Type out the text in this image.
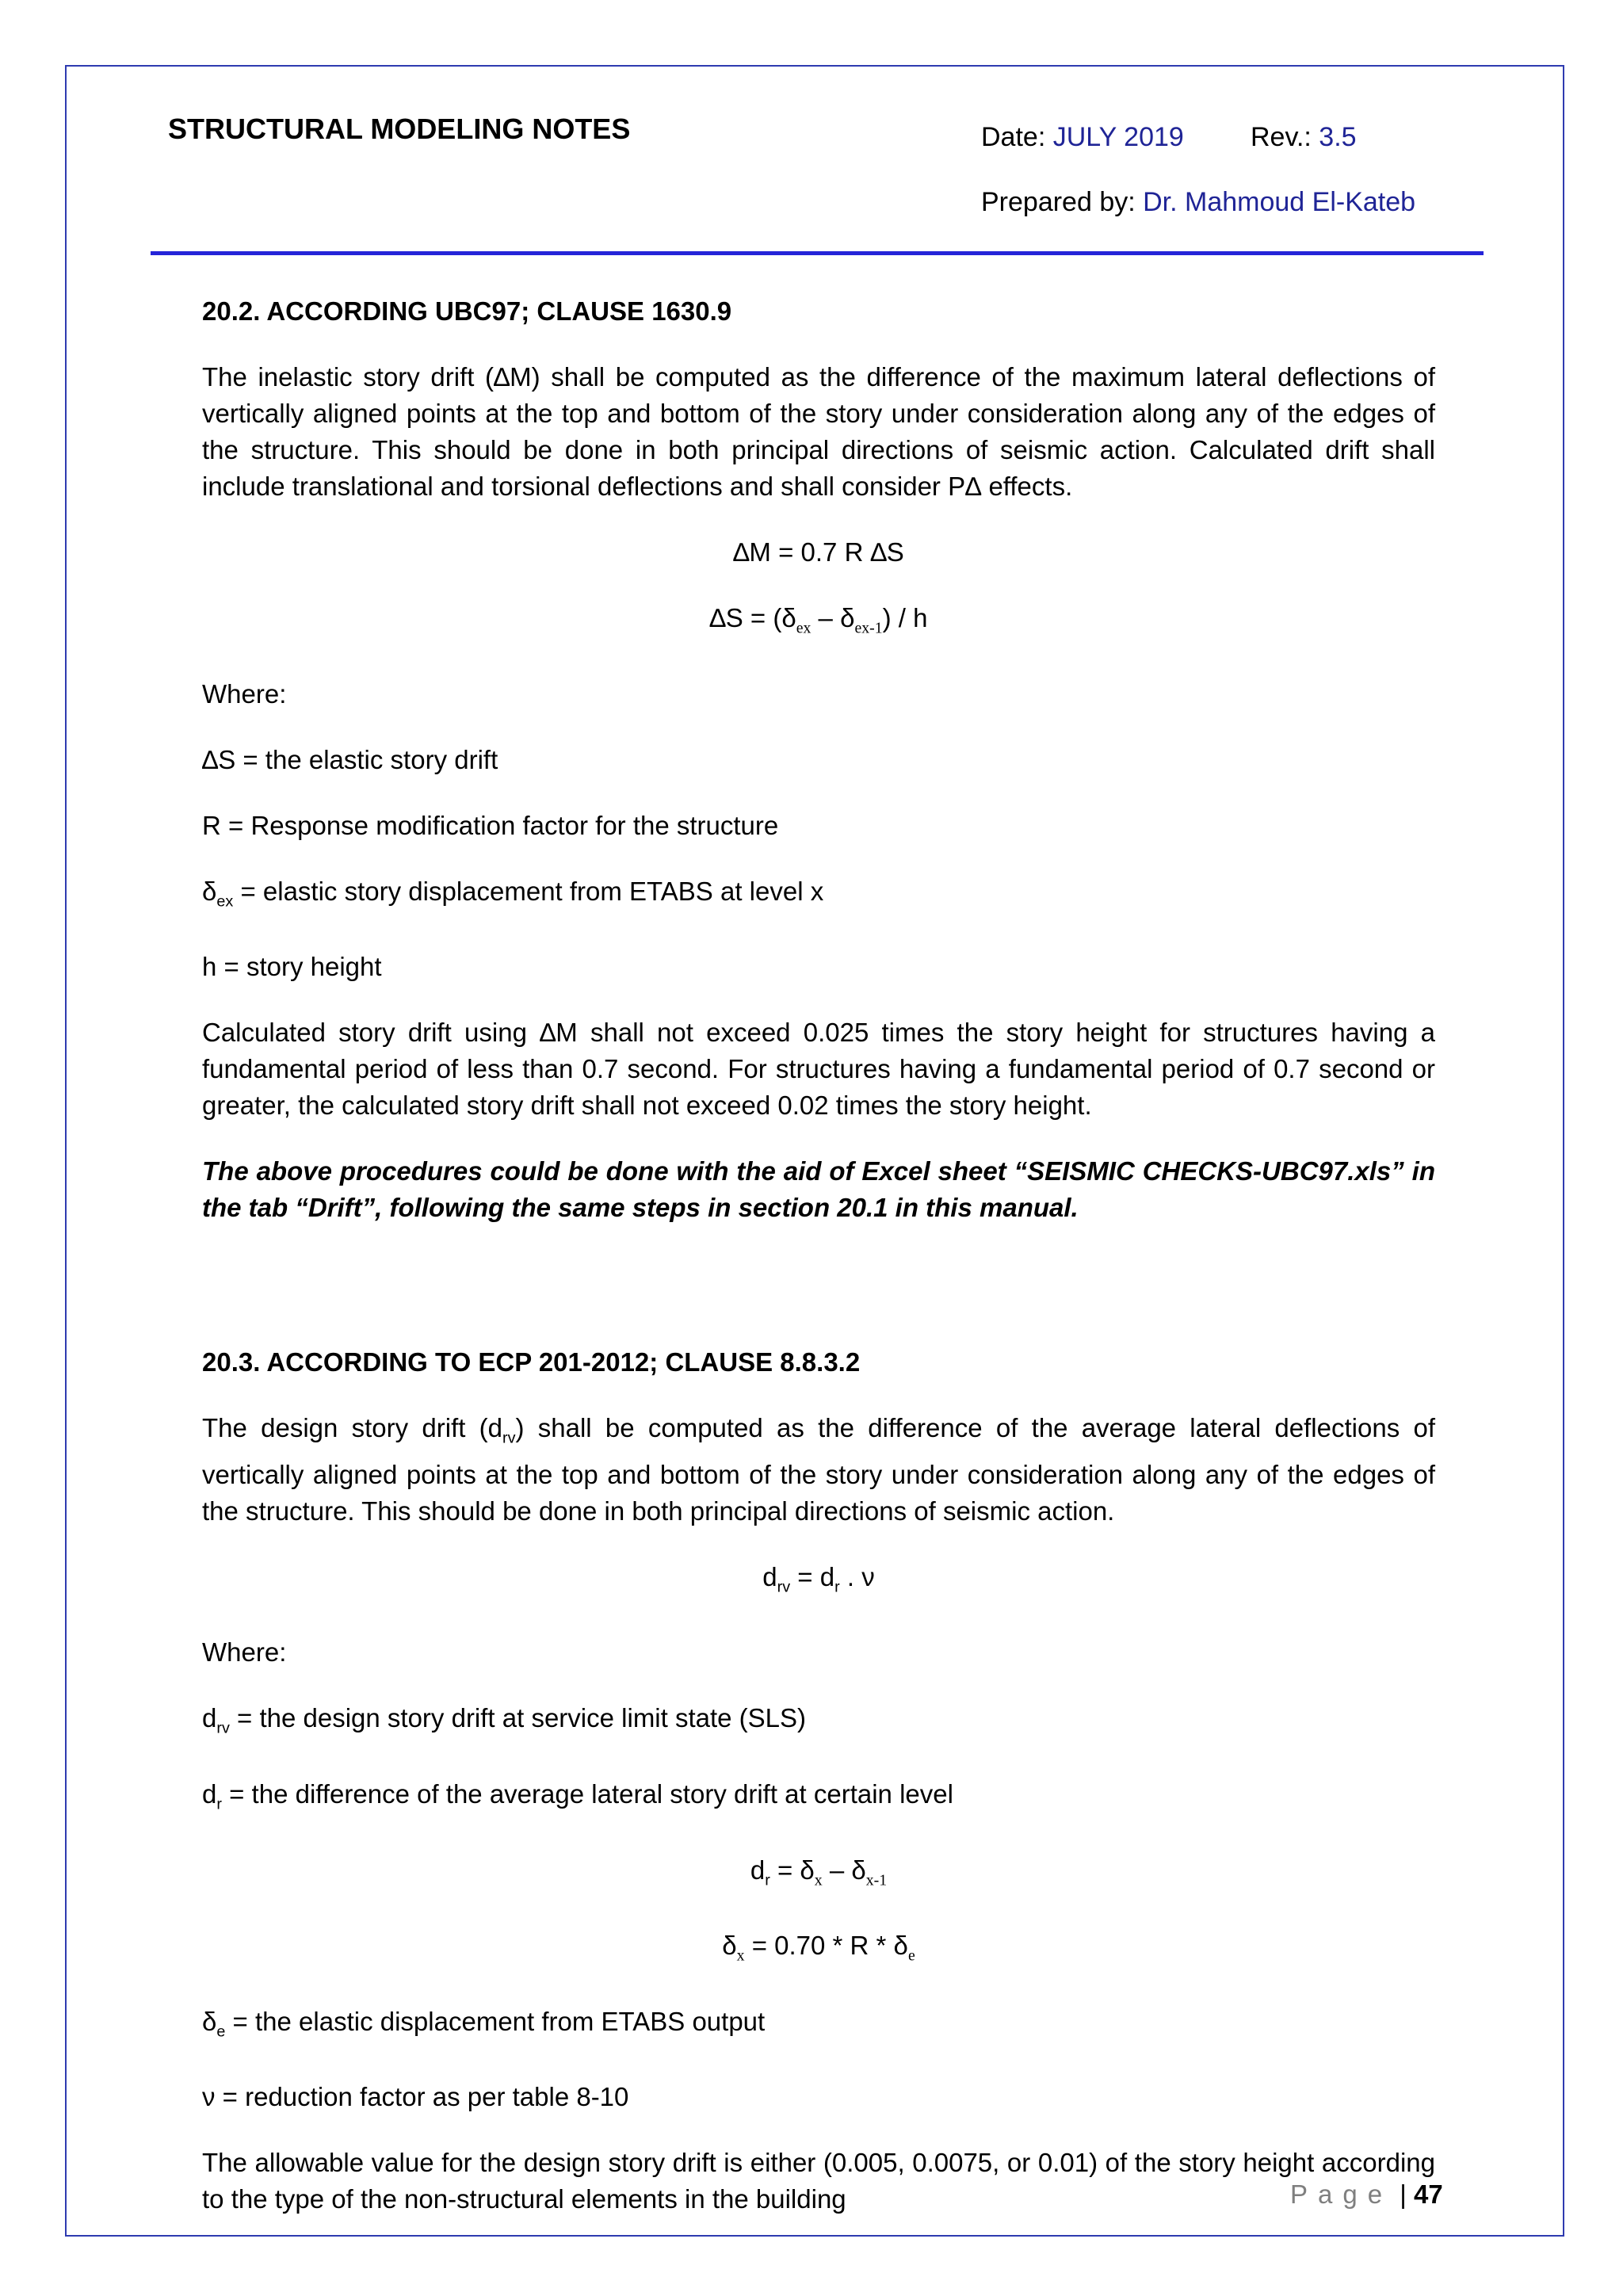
STRUCTURAL MODELING NOTES	Date: JULY 2019 Rev.: 3.5
Prepared by: Dr. Mahmoud El-Kateb
20.2. ACCORDING UBC97; CLAUSE 1630.9

The inelastic story drift (∆M) shall be computed as the difference of the maximum lateral deflections of vertically aligned points at the top and bottom of the story under consideration along any of the edges of the structure. This should be done in both principal directions of seismic action. Calculated drift shall include translational and torsional deflections and shall consider P∆ effects.

∆M = 0.7 R ∆S

$\Delta S = (\delta_{ex} - \delta_{ex-1}) / h$

Where:

∆S = the elastic story drift

R = Response modification factor for the structure

$\delta_{ex}$ = elastic story displacement from ETABS at level x

h = story height

Calculated story drift using ∆M shall not exceed 0.025 times the story height for structures having a fundamental period of less than 0.7 second. For structures having a fundamental period of 0.7 second or greater, the calculated story drift shall not exceed 0.02 times the story height.

The above procedures could be done with the aid of Excel sheet “SEISMIC CHECKS-UBC97.xls” in the tab “Drift”, following the same steps in section 20.1 in this manual.

20.3. ACCORDING TO ECP 201-2012; CLAUSE 8.8.3.2

The design story drift $(d_{rv})$ shall be computed as the difference of the average lateral deflections of vertically aligned points at the top and bottom of the story under consideration along any of the edges of the structure. This should be done in both principal directions of seismic action.

$d_{rv} = d_r$ . ν

Where:

$d_{rv}$ = the design story drift at service limit state (SLS)

$d_r$ = the difference of the average lateral story drift at certain level

$d_r = \delta_x - \delta_{x-1}$

$\delta_x = 0.70 * R * \delta_e$

$\delta_e$ = the elastic displacement from ETABS output

ν = reduction factor as per table 8-10

The allowable value for the design story drift is either (0.005, 0.0075, or 0.01) of the story height according to the type of the non-structural elements in the building	Page | 47
